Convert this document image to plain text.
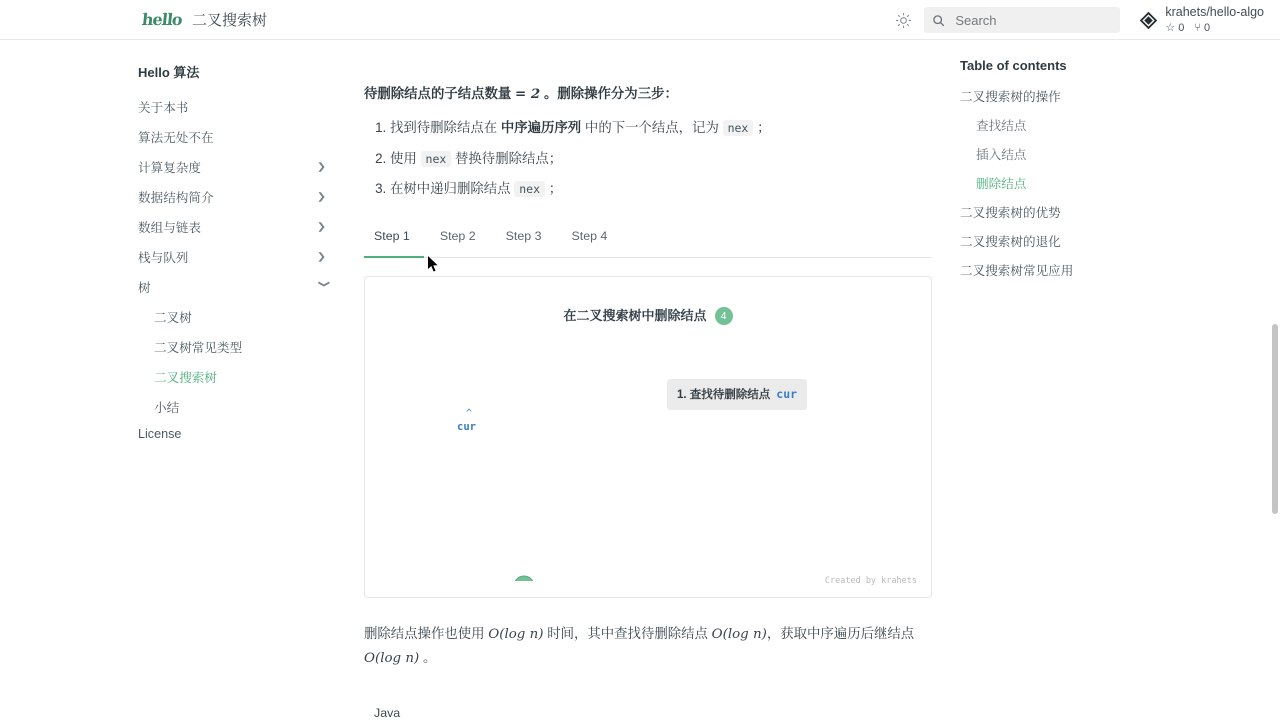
hello 二叉搜索树
Search	krahets/hello-algo
☆ 0 ⑂ 0
Hello 算法
关于本书
算法无处不在
计算复杂度	❯
数据结构简介	❯
数组与链表	❯
栈与队列	❯
树	❯
二叉树
二叉树常见类型
二叉搜索树
小结
License

待删除结点的子结点数量 = 2 。删除操作分为三步：

1. 找到待删除结点在 中序遍历序列 中的下一个结点，记为 nex ；
2. 使用 nex 替换待删除结点；
3. 在树中递归删除结点 nex ；
Step 1	Step 2	Step 3	Step 4
在二叉搜索树中删除结点 4
1. 查找待删除结点 cur
^
cur
Created by krahets

删除结点操作也使用 O(log n) 时间，其中查找待删除结点 O(log n)，获取中序遍历后继结点 O(log n) 。

Java
Table of contents
二叉搜索树的操作
查找结点
插入结点
删除结点
二叉搜索树的优势
二叉搜索树的退化
二叉搜索树常见应用
